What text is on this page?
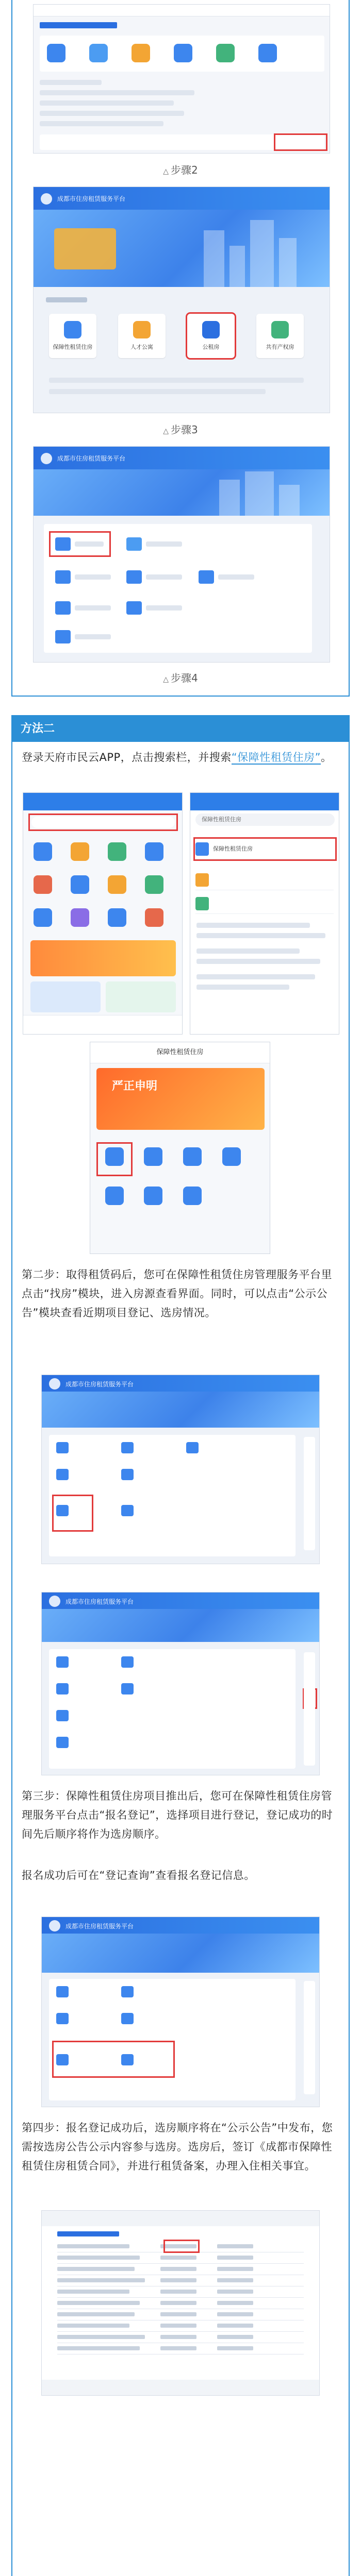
△ 步骤2
成都市住房租赁服务平台
保障性租赁住房	人才公寓	公租房	共有产权房
△ 步骤3
成都市住房租赁服务平台
△ 步骤4
方法二
登录天府市民云APP，点击搜索栏，并搜索“保障性租赁住房”。
保障性租赁住房
保障性租赁住房
保障性租赁住房
严正申明
第二步：取得租赁码后，您可在保障性租赁住房管理服务平台里点击“找房”模块，进入房源查看界面。同时，可以点击“公示公告”模块查看近期项目登记、选房情况。
成都市住房租赁服务平台
成都市住房租赁服务平台
第三步：保障性租赁住房项目推出后，您可在保障性租赁住房管理服务平台点击“报名登记”，选择项目进行登记，登记成功的时间先后顺序将作为选房顺序。
报名成功后可在“登记查询”查看报名登记信息。
成都市住房租赁服务平台
第四步：报名登记成功后，选房顺序将在“公示公告”中发布，您需按选房公告公示内容参与选房。选房后，签订《成都市保障性租赁住房租赁合同》，并进行租赁备案，办理入住相关事宜。
